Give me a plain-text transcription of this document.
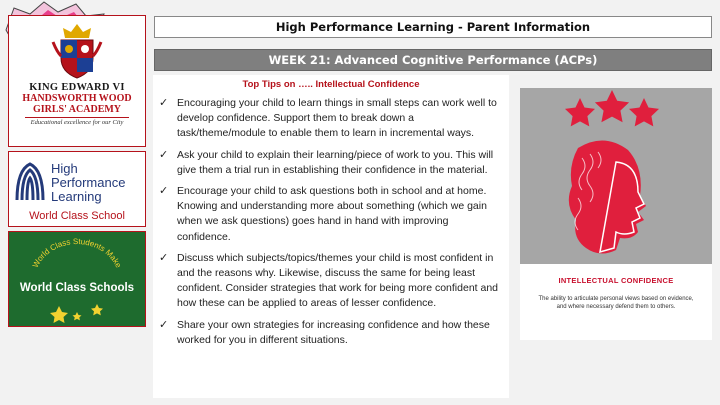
KING EDWARD VI
HANDSWORTH WOOD
GIRLS' ACADEMY
Educational excellence for our City
High
Performance
Learning
World Class School
World Class Students Make
World Class Schools
High Performance Learning - Parent Information
WEEK 21: Advanced Cognitive Performance (ACPs)
Top Tips on ….. Intellectual Confidence
✓ Encouraging your child to learn things in small steps can work well to develop confidence. Support them to break down a task/theme/module to enable them to learn in incremental ways.
✓ Ask your child to explain their learning/piece of work to you. This will give them a trial run in establishing their confidence in the material.
✓ Encourage your child to ask questions both in school and at home. Knowing and understanding more about something (which we gain when we ask questions) goes hand in hand with improving confidence.
✓ Discuss which subjects/topics/themes your child is most confident in and the reasons why. Likewise, discuss the same for being least confident. Consider strategies that work for being more confident and how these can be applied to areas of lesser confidence.
✓ Share your own strategies for increasing confidence and how these worked for you in different situations.
INTELLECTUAL CONFIDENCE
The ability to articulate personal views based on evidence, and where necessary defend them to others.
